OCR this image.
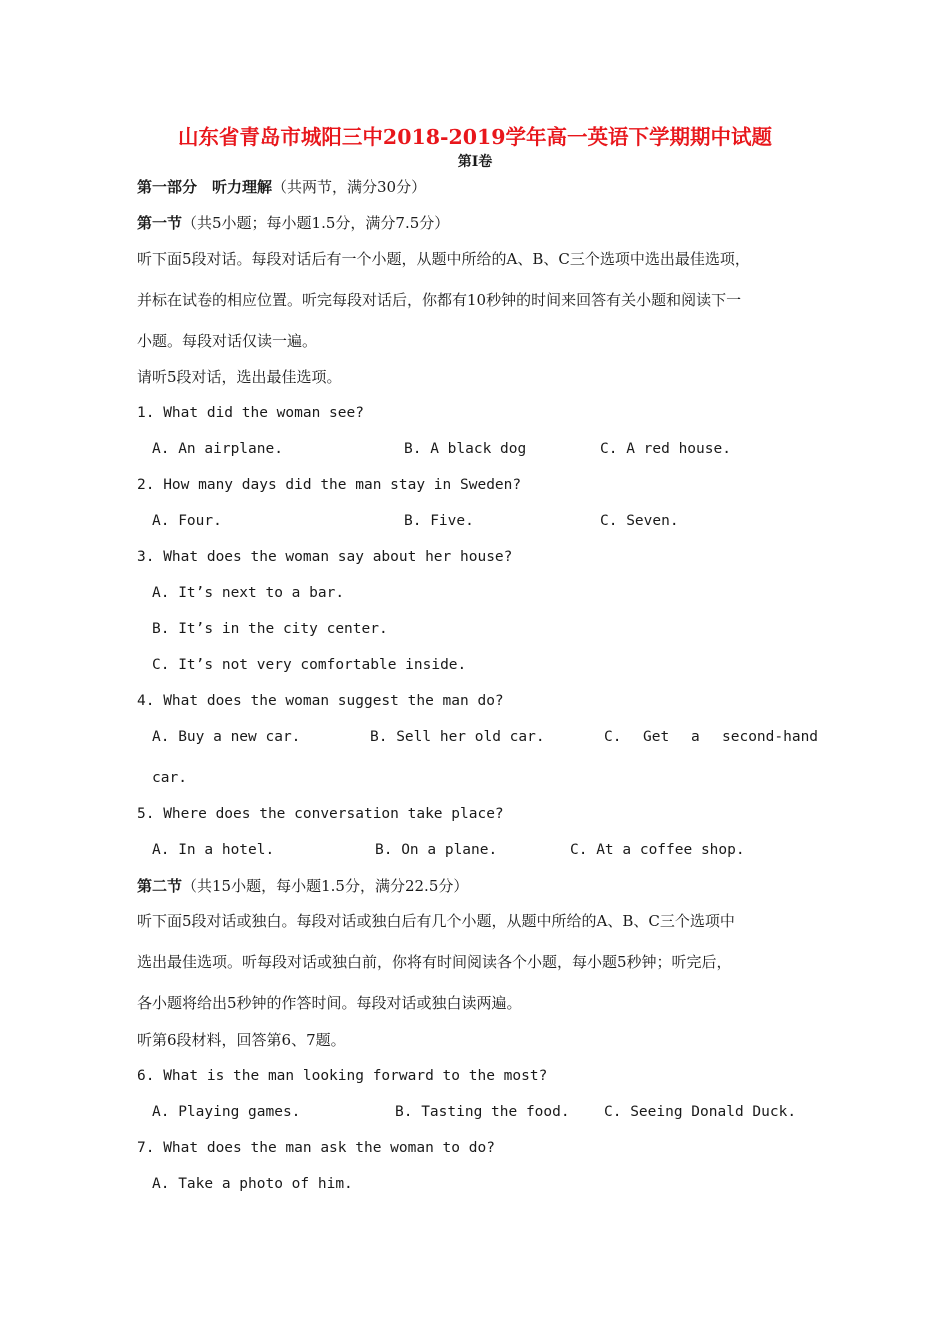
山东省青岛市城阳三中2018-2019学年高一英语下学期期中试题
第I卷
第一部分　听力理解（共两节，满分30分）
第一节（共5小题；每小题1.5分，满分7.5分）
听下面5段对话。每段对话后有一个小题，从题中所给的A、B、C三个选项中选出最佳选项，
并标在试卷的相应位置。听完每段对话后，你都有10秒钟的时间来回答有关小题和阅读下一
小题。每段对话仅读一遍。
请听5段对话，选出最佳选项。
1. What did the woman see?
A. An airplane.	B. A black dog	C. A red house.
2. How many days did the man stay in Sweden?
A. Four.	B. Five.	C. Seven.
3. What does the woman say about her house?
A. It’s next to a bar.
B. It’s in the city center.
C. It’s not very comfortable inside.
4. What does the woman suggest the man do?
A. Buy a new car.	B. Sell her old car.	C. Get a second-hand
car.
5. Where does the conversation take place?
A. In a hotel.	B. On a plane.	C. At a coffee shop.
第二节（共15小题，每小题1.5分，满分22.5分）
听下面5段对话或独白。每段对话或独白后有几个小题，从题中所给的A、B、C三个选项中
选出最佳选项。听每段对话或独白前，你将有时间阅读各个小题，每小题5秒钟；听完后，
各小题将给出5秒钟的作答时间。每段对话或独白读两遍。
听第6段材料，回答第6、7题。
6. What is the man looking forward to the most?
A. Playing games.	B. Tasting the food. C. Seeing Donald Duck.
7. What does the man ask the woman to do?
A. Take a photo of him.
